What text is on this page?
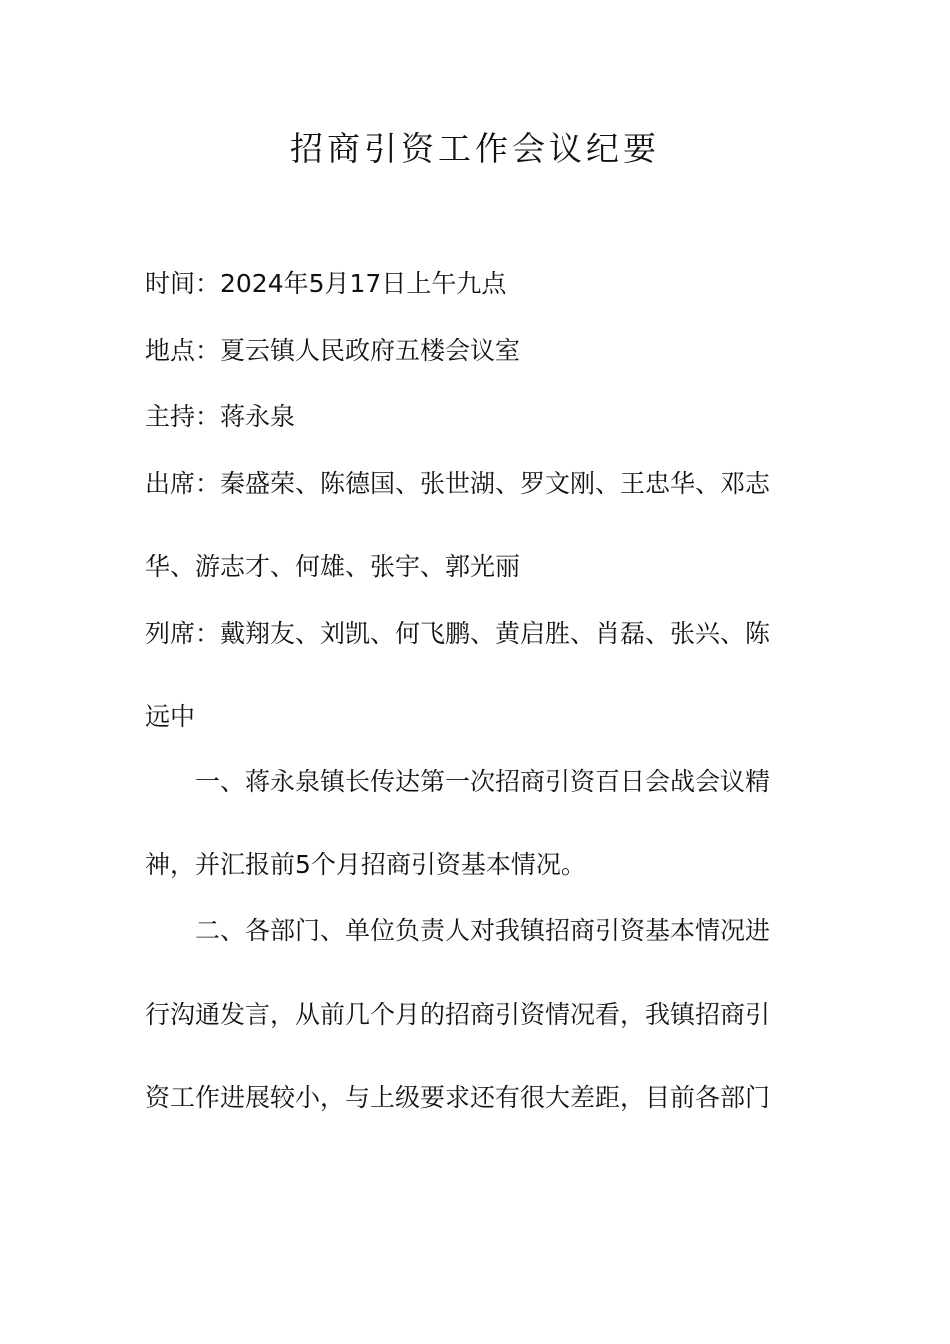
招商引资工作会议纪要
时间：2024年5月17日上午九点
地点：夏云镇人民政府五楼会议室
主持：蒋永泉
出席：秦盛荣、陈德国、张世湖、罗文刚、王忠华、邓志
华、游志才、何雄、张宇、郭光丽
列席：戴翔友、刘凯、何飞鹏、黄启胜、肖磊、张兴、陈
远中
一、蒋永泉镇长传达第一次招商引资百日会战会议精
神，并汇报前5个月招商引资基本情况。
二、各部门、单位负责人对我镇招商引资基本情况进
行沟通发言，从前几个月的招商引资情况看，我镇招商引
资工作进展较小，与上级要求还有很大差距，目前各部门
